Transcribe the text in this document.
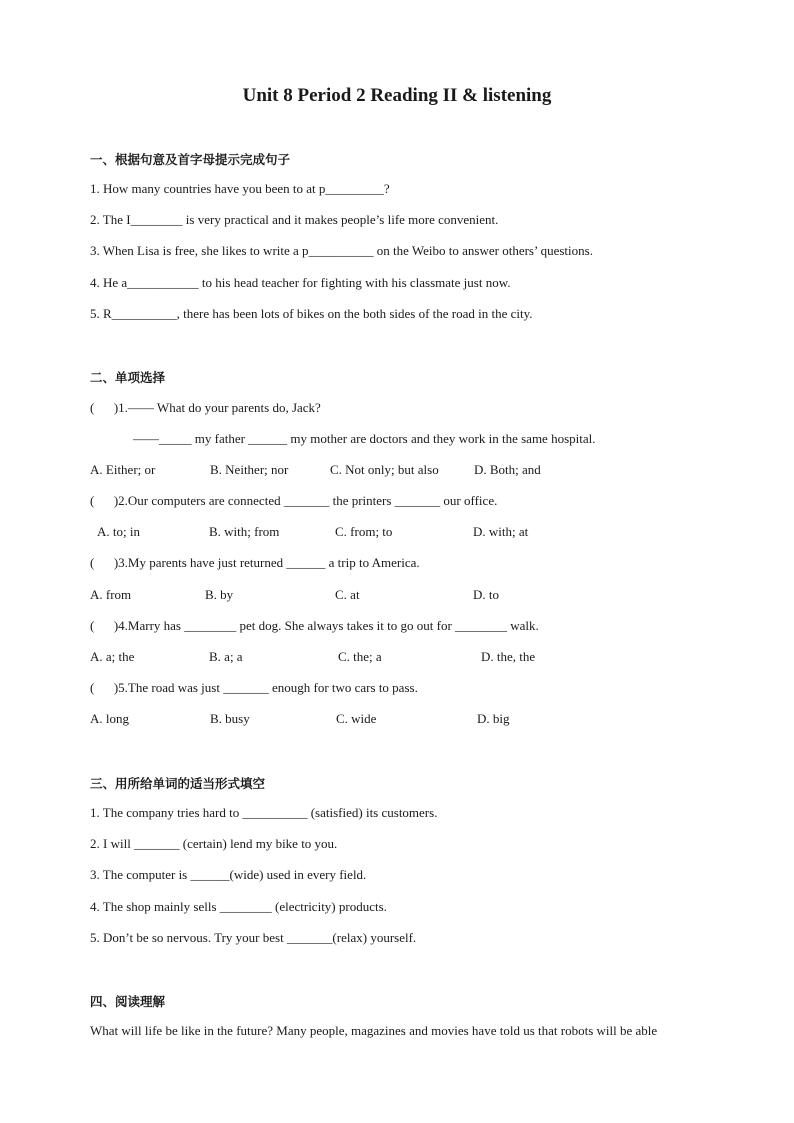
Unit 8 Period 2 Reading II & listening
一、根据句意及首字母提示完成句子
1. How many countries have you been to at p_________?
2. The I________ is very practical and it makes people’s life more convenient.
3. When Lisa is free, she likes to write a p__________ on the Weibo to answer others’ questions.
4. He a___________ to his head teacher for fighting with his classmate just now.
5. R__________, there has been lots of bikes on the both sides of the road in the city.
二、单项选择
(      )1.—— What do your parents do, Jack?
——_____ my father ______ my mother are doctors and they work in the same hospital.
A. Either; or	B. Neither; nor	C. Not only; but also	D. Both; and
(      )2.Our computers are connected _______ the printers _______ our office.
A. to; in	B. with; from	C. from; to	D. with; at
(      )3.My parents have just returned ______ a trip to America.
A. from	B. by	C. at	D. to
(      )4.Marry has ________ pet dog. She always takes it to go out for ________ walk.
A. a; the	B. a; a	C. the; a	D. the, the
(      )5.The road was just _______ enough for two cars to pass.
A. long	B. busy	C. wide	D. big
三、用所给单词的适当形式填空
1. The company tries hard to __________ (satisfied) its customers.
2. I will _______ (certain) lend my bike to you.
3. The computer is ______(wide) used in every field.
4. The shop mainly sells ________ (electricity) products.
5. Don’t be so nervous. Try your best _______(relax) yourself.
四、阅读理解
What will life be like in the future? Many people, magazines and movies have told us that robots will be able
